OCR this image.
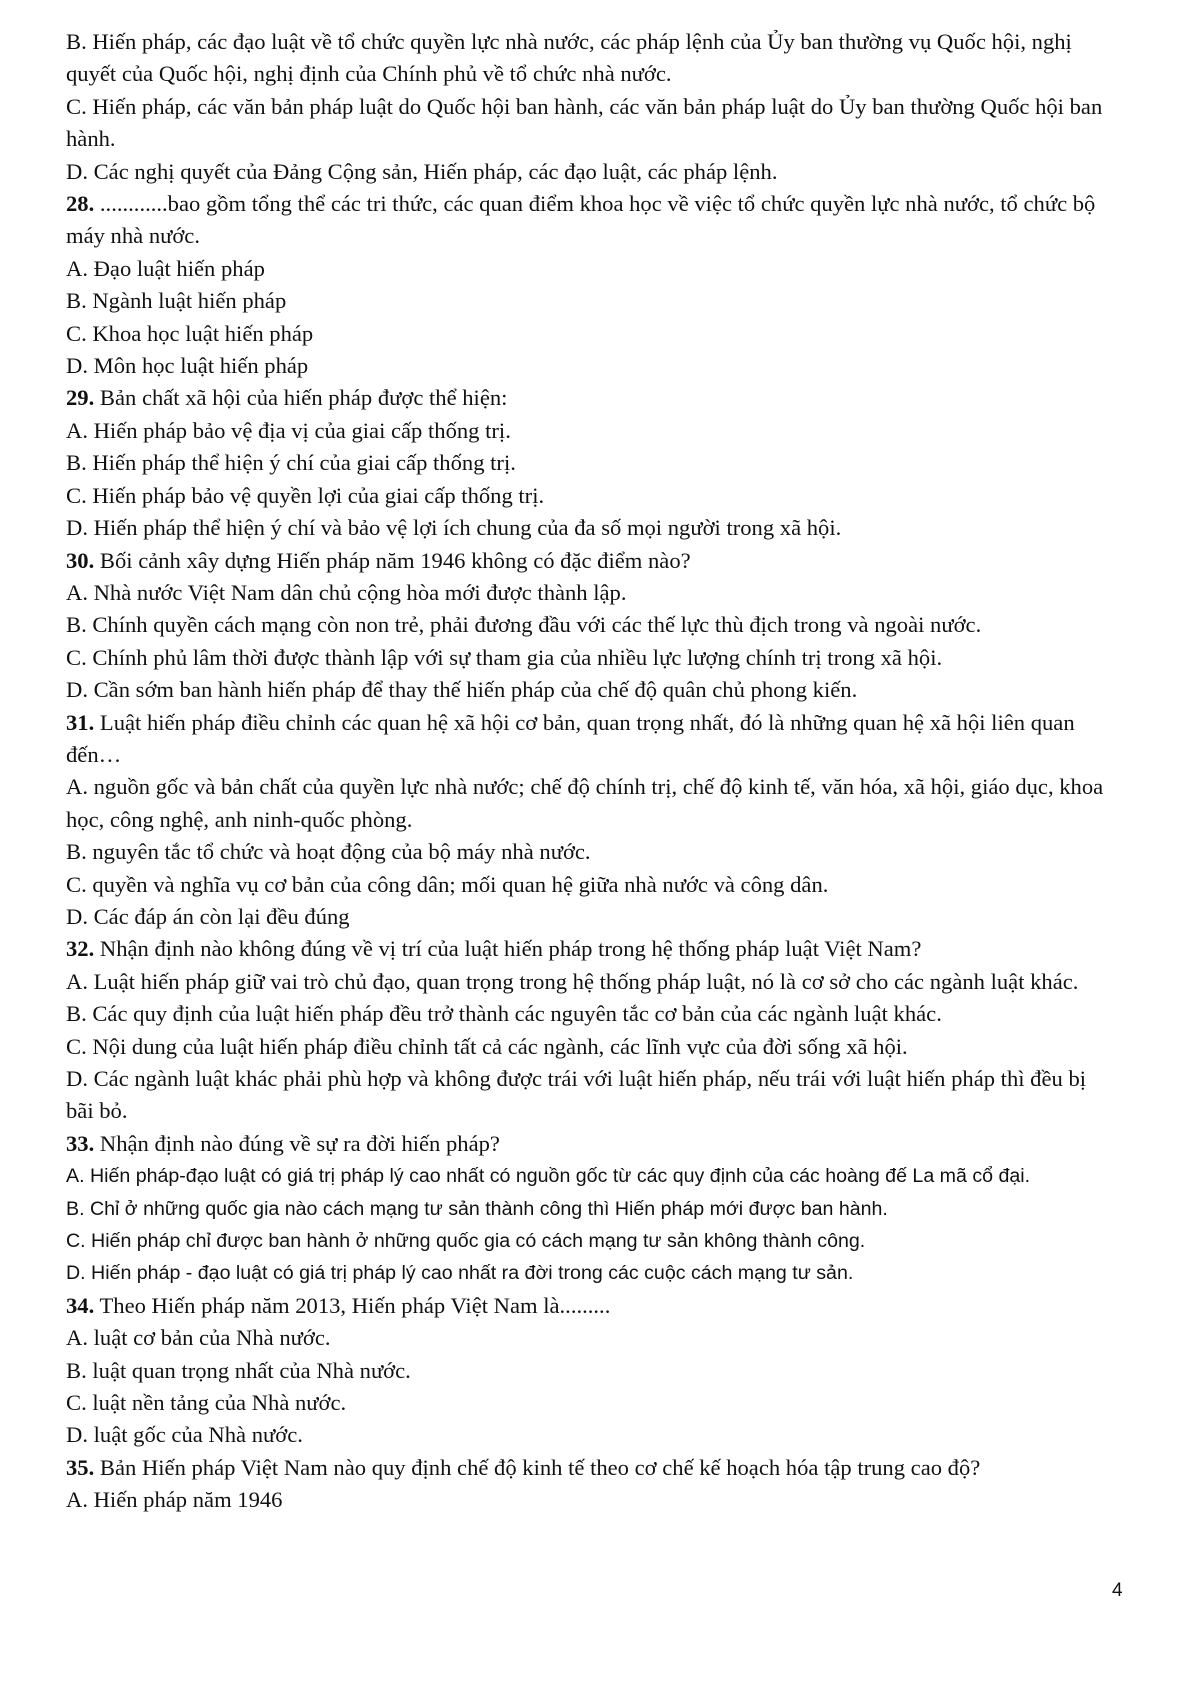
B. Hiến pháp, các đạo luật về tổ chức quyền lực nhà nước, các pháp lệnh của Ủy ban thường vụ Quốc hội, nghị quyết của Quốc hội, nghị định của Chính phủ về tổ chức nhà nước.
C. Hiến pháp, các văn bản pháp luật do Quốc hội ban hành, các văn bản pháp luật do Ủy ban thường Quốc hội ban hành.
D. Các nghị quyết của Đảng Cộng sản, Hiến pháp, các đạo luật, các pháp lệnh.
28. ............bao gồm tổng thể các tri thức, các quan điểm khoa học về việc tổ chức quyền lực nhà nước, tổ chức bộ máy nhà nước.
A. Đạo luật hiến pháp
B. Ngành luật hiến pháp
C. Khoa học luật hiến pháp
D. Môn học luật hiến pháp
29. Bản chất xã hội của hiến pháp được thể hiện:
A. Hiến pháp bảo vệ địa vị của giai cấp thống trị.
B. Hiến pháp thể hiện ý chí của giai cấp thống trị.
C. Hiến pháp bảo vệ quyền lợi của giai cấp thống trị.
D. Hiến pháp thể hiện ý chí và bảo vệ lợi ích chung của đa số mọi người trong xã hội.
30. Bối cảnh xây dựng Hiến pháp năm 1946 không có đặc điểm nào?
A. Nhà nước Việt Nam dân chủ cộng hòa mới được thành lập.
B. Chính quyền cách mạng còn non trẻ, phải đương đầu với các thế lực thù địch trong và ngoài nước.
C. Chính phủ lâm thời được thành lập với sự tham gia của nhiều lực lượng chính trị trong xã hội.
D. Cần sớm ban hành hiến pháp để thay thế hiến pháp của chế độ quân chủ phong kiến.
31. Luật hiến pháp điều chỉnh các quan hệ xã hội cơ bản, quan trọng nhất, đó là những quan hệ xã hội liên quan đến…
A. nguồn gốc và bản chất của quyền lực nhà nước; chế độ chính trị, chế độ kinh tế, văn hóa, xã hội, giáo dục, khoa học, công nghệ, anh ninh-quốc phòng.
B. nguyên tắc tổ chức và hoạt động của bộ máy nhà nước.
C. quyền và nghĩa vụ cơ bản của công dân; mối quan hệ giữa nhà nước và công dân.
D. Các đáp án còn lại đều đúng
32. Nhận định nào không đúng về vị trí của luật hiến pháp trong hệ thống pháp luật Việt Nam?
A. Luật hiến pháp giữ vai trò chủ đạo, quan trọng trong hệ thống pháp luật, nó là cơ sở cho các ngành luật khác.
B. Các quy định của luật hiến pháp đều trở thành các nguyên tắc cơ bản của các ngành luật khác.
C. Nội dung của luật hiến pháp điều chỉnh tất cả các ngành, các lĩnh vực của đời sống xã hội.
D. Các ngành luật khác phải phù hợp và không được trái với luật hiến pháp, nếu trái với luật hiến pháp thì đều bị bãi bỏ.
33. Nhận định nào đúng về sự ra đời hiến pháp?
A. Hiến pháp-đạo luật có giá trị pháp lý cao nhất có nguồn gốc từ các quy định của các hoàng đế La mã cổ đại.
B. Chỉ ở những quốc gia nào cách mạng tư sản thành công thì Hiến pháp mới được ban hành.
C. Hiến pháp chỉ được ban hành ở những quốc gia có cách mạng tư sản không thành công.
D. Hiến pháp - đạo luật có giá trị pháp lý cao nhất ra đời trong các cuộc cách mạng tư sản.
34. Theo Hiến pháp năm 2013, Hiến pháp Việt Nam là.........
A. luật cơ bản của Nhà nước.
B. luật quan trọng nhất của Nhà nước.
C. luật nền tảng của Nhà nước.
D. luật gốc của Nhà nước.
35. Bản Hiến pháp Việt Nam nào quy định chế độ kinh tế theo cơ chế kế hoạch hóa tập trung cao độ?
A. Hiến pháp năm 1946
4
